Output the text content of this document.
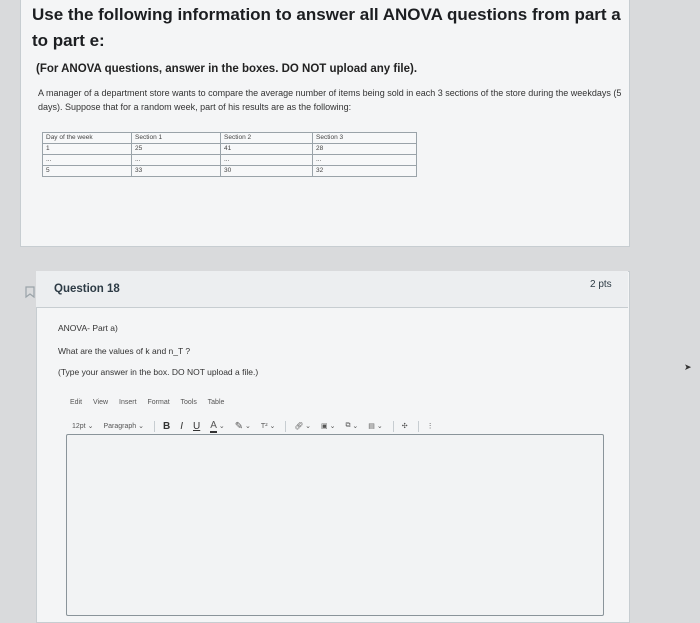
Use the following information to answer all ANOVA questions from part a to part e:
(For ANOVA questions, answer in the boxes. DO NOT upload any file).
A manager of a department store wants to compare the average number of items being sold in each 3 sections of the store during the weekdays (5 days). Suppose that for a random week, part of his results are as the following:
Day of the week	Section 1	Section 2	Section 3
1	25	41	28
...	...	...	...
5	33	30	32
Question 18	2 pts
ANOVA- Part a)
What are the values of k and n_T ?
(Type your answer in the box. DO NOT upload a file.)
Edit View Insert Format Tools Table
12pt
⌄ Paragraph
⌄ B I U A ⌄ ✎ ⌄ T² ⌄	🔗︎ ⌄ ▣ ⌄ ⧉ ⌄ ▤ ⌄	✣	⋮
➤
